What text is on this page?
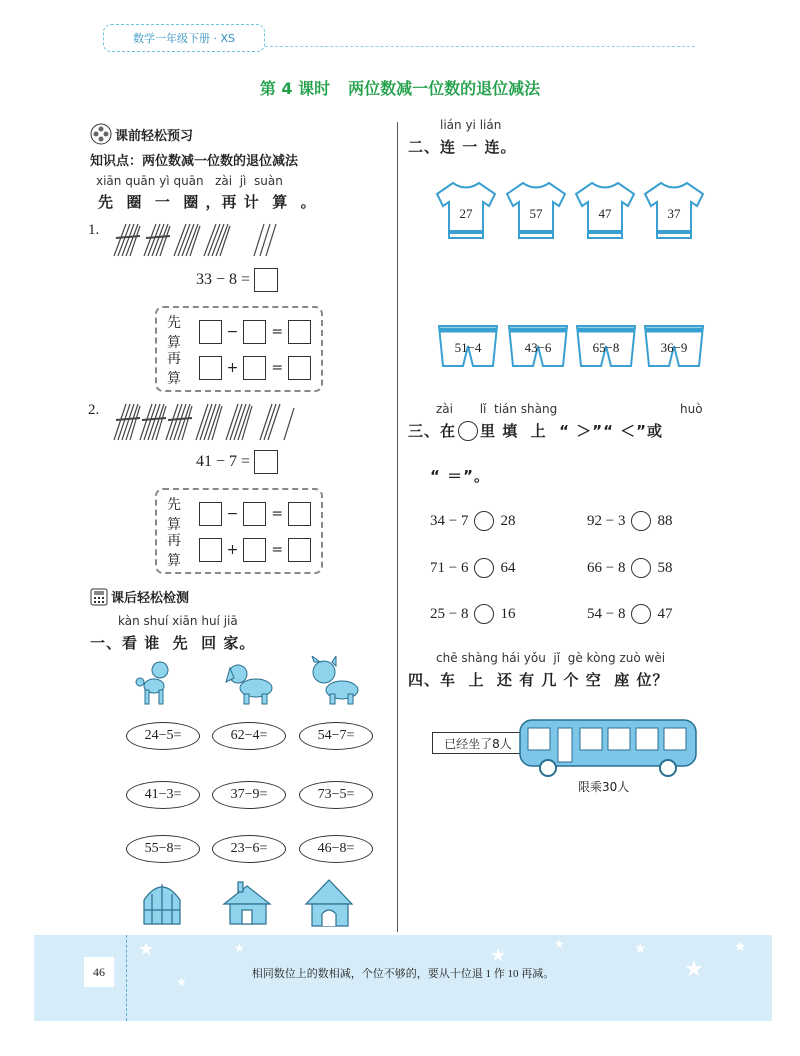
数学一年级下册 · XS
第 4 课时 两位数减一位数的退位减法
课前轻松预习
知识点：两位数减一位数的退位减法
xiān quān yì quān   zài  jì  suàn
先  圈  一  圈 ，再 计  算  。
1.
33 − 8 =
先算
− =
再算
+ =
2.
41 − 7 =
先算
− =
再算
+ =
课后轻松检测
kàn shuí xiān huí jiā
一、看 谁  先  回 家。
24−5=	62−4=	54−7=
41−3=	37−9=	73−5=
55−8=	23−6=	46−8=
lián yi lián
二、连 一 连。
27	57	47	37
51−4	43−6	65−8	36−9
zài       lǐ  tián shàng	huò
三、在 里 填  上  “ ＞”“ ＜”或
“ ＝”。
34 − 7 28	92 − 3 88
71 − 6 64	66 − 8 58
25 − 8 16	54 − 8 47
chē shàng hái yǒu  jǐ  gè kòng zuò wèi
四、车  上  还 有 几 个 空  座 位？
已经坐了8人
限乘30人
46	相同数位上的数相减，个位不够的，要从十位退 1 作 10 再减。
★	★	★
★	★
★
★
★
